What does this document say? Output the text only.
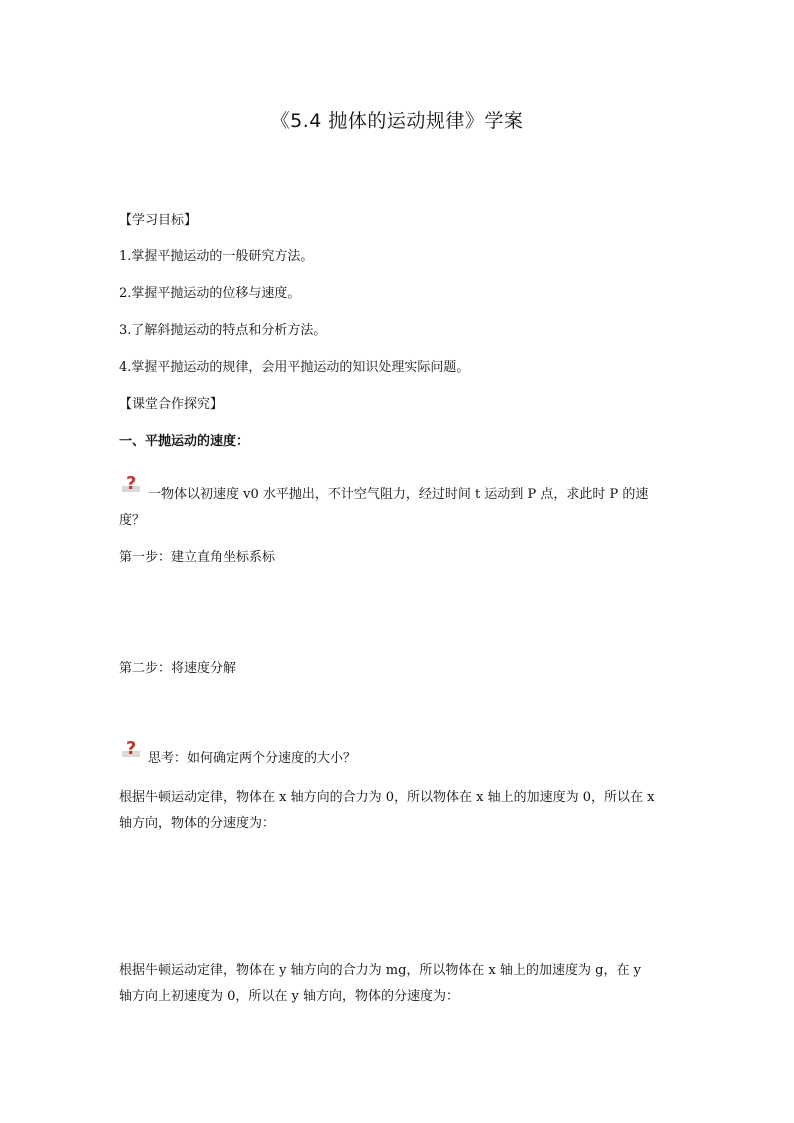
《5.4 抛体的运动规律》学案
【学习目标】
1.掌握平抛运动的一般研究方法。
2.掌握平抛运动的位移与速度。
3.了解斜抛运动的特点和分析方法。
4.掌握平抛运动的规律，会用平抛运动的知识处理实际问题。
【课堂合作探究】
一、平抛运动的速度：
?
一物体以初速度 v0 水平抛出，不计空气阻力，经过时间 t 运动到 P 点，求此时 P 的速
度？
第一步：建立直角坐标系标
第二步：将速度分解
? 思考：如何确定两个分速度的大小？
根据牛顿运动定律，物体在 x 轴方向的合力为 0，所以物体在 x 轴上的加速度为 0，所以在 x
轴方向，物体的分速度为：
根据牛顿运动定律，物体在 y 轴方向的合力为 mg，所以物体在 x 轴上的加速度为 g，在 y
轴方向上初速度为 0，所以在 y 轴方向，物体的分速度为：
